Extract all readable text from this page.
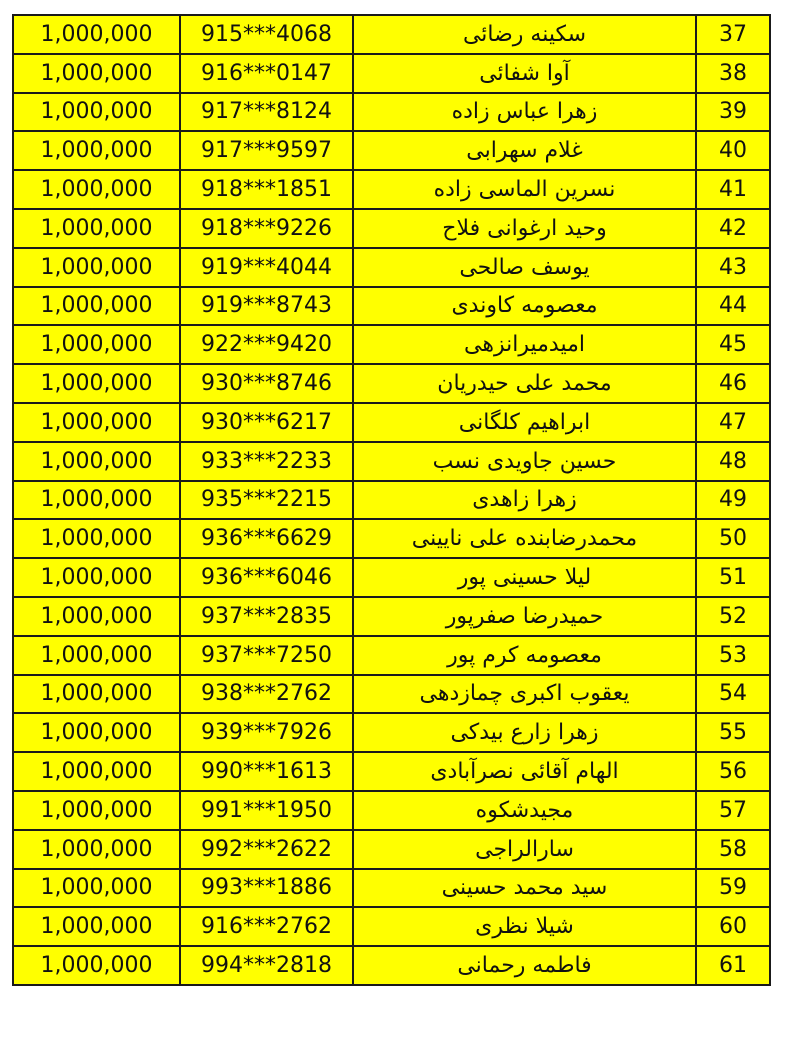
1,000,000	915***4068	سکینه رضائی	37
1,000,000	916***0147	آوا شفائی	38
1,000,000	917***8124	زهرا عباس زاده	39
1,000,000	917***9597	غلام سهرابی	40
1,000,000	918***1851	نسرین الماسی زاده	41
1,000,000	918***9226	وحید ارغوانی فلاح	42
1,000,000	919***4044	یوسف صالحی	43
1,000,000	919***8743	معصومه کاوندی	44
1,000,000	922***9420	امیدمیرانزهی	45
1,000,000	930***8746	محمد علی حیدریان	46
1,000,000	930***6217	ابراهیم کلگانی	47
1,000,000	933***2233	حسین جاویدی نسب	48
1,000,000	935***2215	زهرا زاهدی	49
1,000,000	936***6629	محمدرضابنده علی نایینی	50
1,000,000	936***6046	لیلا حسینی پور	51
1,000,000	937***2835	حمیدرضا صفرپور	52
1,000,000	937***7250	معصومه کرم پور	53
1,000,000	938***2762	یعقوب اکبری چمازدهی	54
1,000,000	939***7926	زهرا زارع بیدکی	55
1,000,000	990***1613	الهام آقائی نصرآبادی	56
1,000,000	991***1950	مجیدشکوه	57
1,000,000	992***2622	سارالراجی	58
1,000,000	993***1886	سید محمد حسینی	59
1,000,000	916***2762	شیلا نظری	60
1,000,000	994***2818	فاطمه رحمانی	61
